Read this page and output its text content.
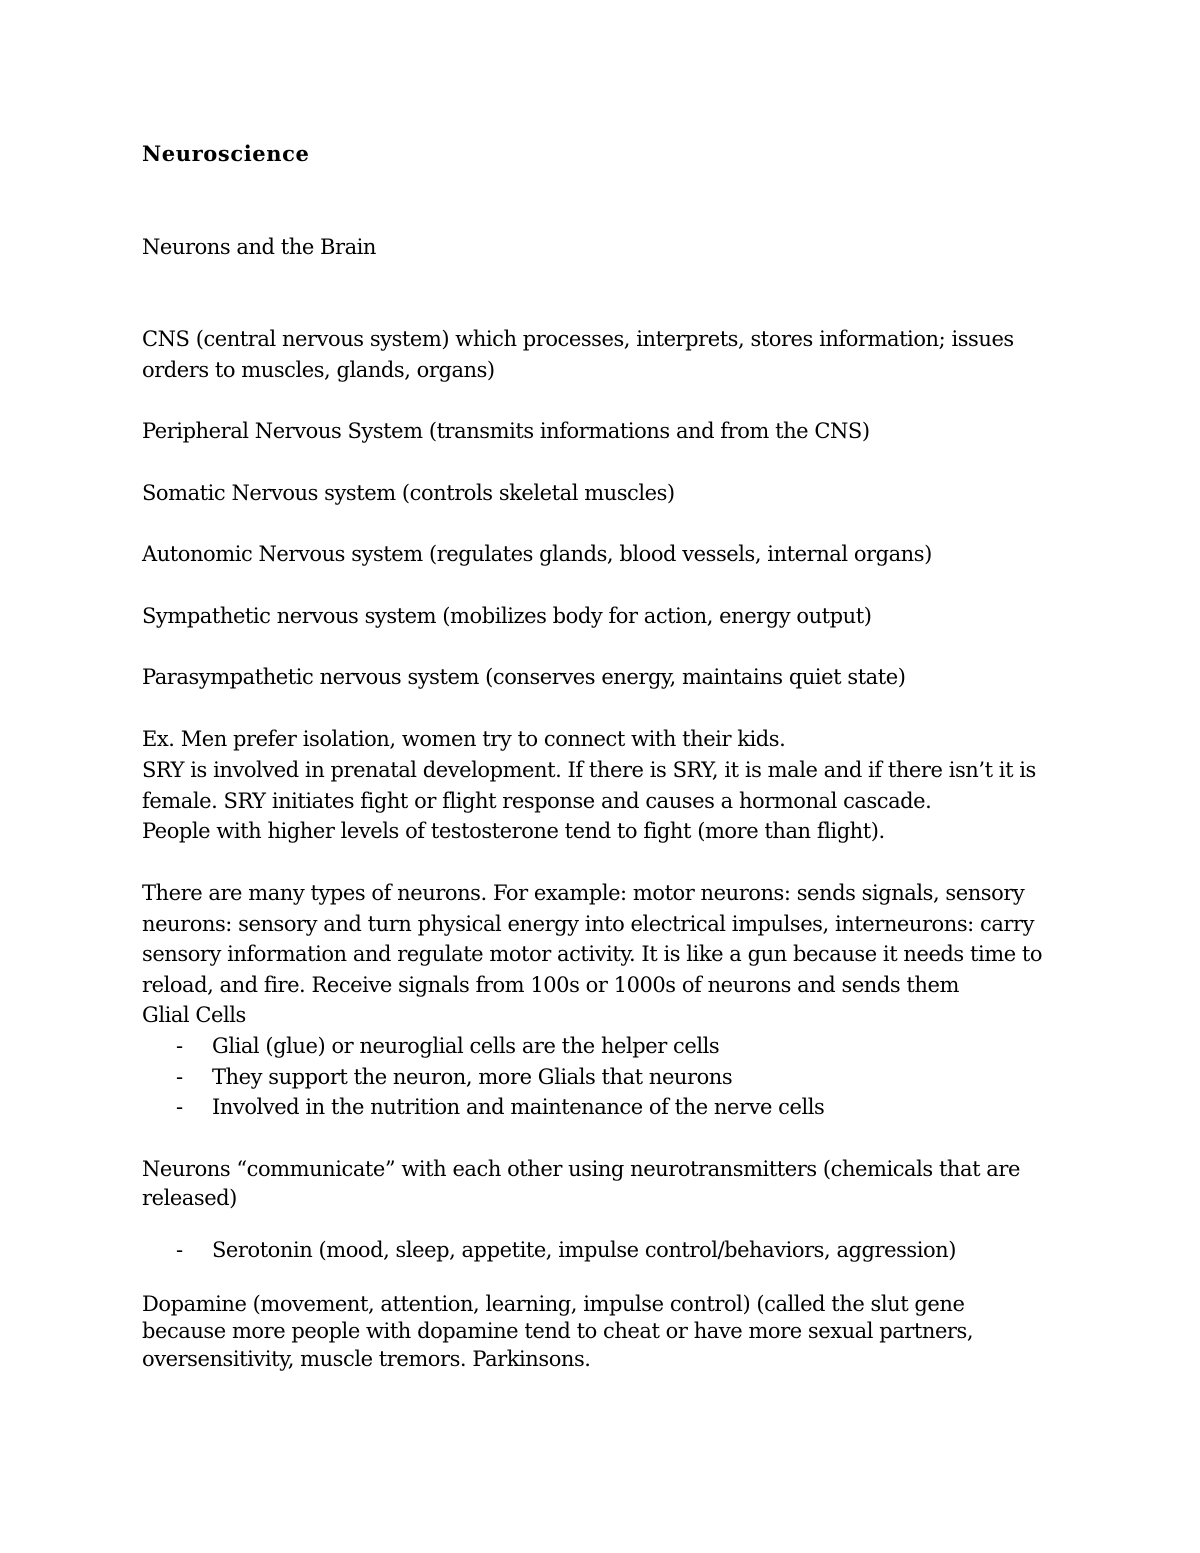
Neuroscience
Neurons and the Brain
CNS (central nervous system) which processes, interprets, stores information; issues
orders to muscles, glands, organs)
Peripheral Nervous System (transmits informations and from the CNS)
Somatic Nervous system (controls skeletal muscles)
Autonomic Nervous system (regulates glands, blood vessels, internal organs)
Sympathetic nervous system (mobilizes body for action, energy output)
Parasympathetic nervous system (conserves energy, maintains quiet state)
Ex. Men prefer isolation, women try to connect with their kids.
SRY is involved in prenatal development. If there is SRY, it is male and if there isn’t it is
female. SRY initiates fight or flight response and causes a hormonal cascade.
People with higher levels of testosterone tend to fight (more than flight).
There are many types of neurons. For example: motor neurons: sends signals, sensory
neurons: sensory and turn physical energy into electrical impulses, interneurons: carry
sensory information and regulate motor activity. It is like a gun because it needs time to
reload, and fire. Receive signals from 100s or 1000s of neurons and sends them
Glial Cells
- Glial (glue) or neuroglial cells are the helper cells
- They support the neuron, more Glials that neurons
- Involved in the nutrition and maintenance of the nerve cells
Neurons “communicate” with each other using neurotransmitters (chemicals that are
released)
- Serotonin (mood, sleep, appetite, impulse control/behaviors, aggression)
Dopamine (movement, attention, learning, impulse control) (called the slut gene
because more people with dopamine tend to cheat or have more sexual partners,
oversensitivity, muscle tremors. Parkinsons.
